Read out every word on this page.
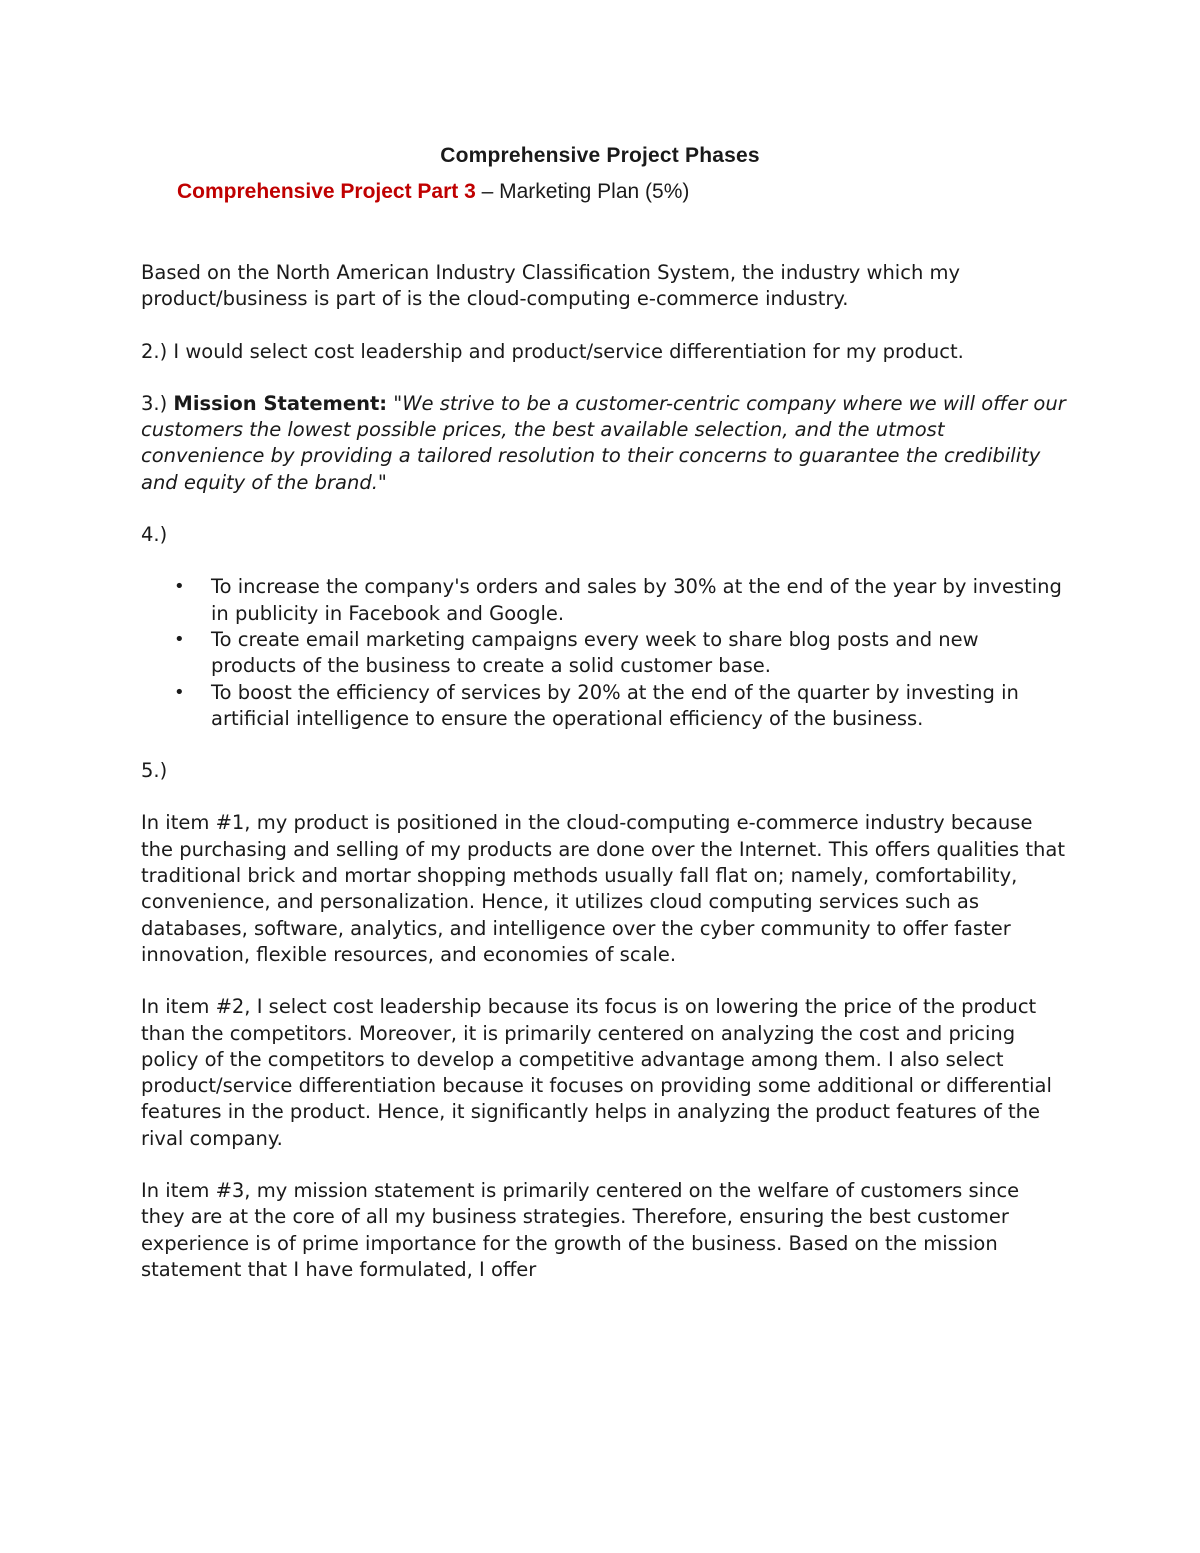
Comprehensive Project Phases
Comprehensive Project Part 3 – Marketing Plan (5%)

Based on the North American Industry Classification System, the industry which my product/business is part of is the cloud-computing e-commerce industry.

2.) I would select cost leadership and product/service differentiation for my product.

3.) Mission Statement: "We strive to be a customer-centric company where we will offer our customers the lowest possible prices, the best available selection, and the utmost convenience by providing a tailored resolution to their concerns to guarantee the credibility and equity of the brand."

4.)

• To increase the company's orders and sales by 30% at the end of the year by investing in publicity in Facebook and Google.
• To create email marketing campaigns every week to share blog posts and new products of the business to create a solid customer base.
• To boost the efficiency of services by 20% at the end of the quarter by investing in artificial intelligence to ensure the operational efficiency of the business.

5.)

In item #1, my product is positioned in the cloud-computing e-commerce industry because the purchasing and selling of my products are done over the Internet. This offers qualities that traditional brick and mortar shopping methods usually fall flat on; namely, comfortability, convenience, and personalization. Hence, it utilizes cloud computing services such as databases, software, analytics, and intelligence over the cyber community to offer faster innovation, flexible resources, and economies of scale.

In item #2, I select cost leadership because its focus is on lowering the price of the product than the competitors. Moreover, it is primarily centered on analyzing the cost and pricing policy of the competitors to develop a competitive advantage among them. I also select product/service differentiation because it focuses on providing some additional or differential features in the product. Hence, it significantly helps in analyzing the product features of the rival company.

In item #3, my mission statement is primarily centered on the welfare of customers since they are at the core of all my business strategies. Therefore, ensuring the best customer experience is of prime importance for the growth of the business. Based on the mission statement that I have formulated, I offer
